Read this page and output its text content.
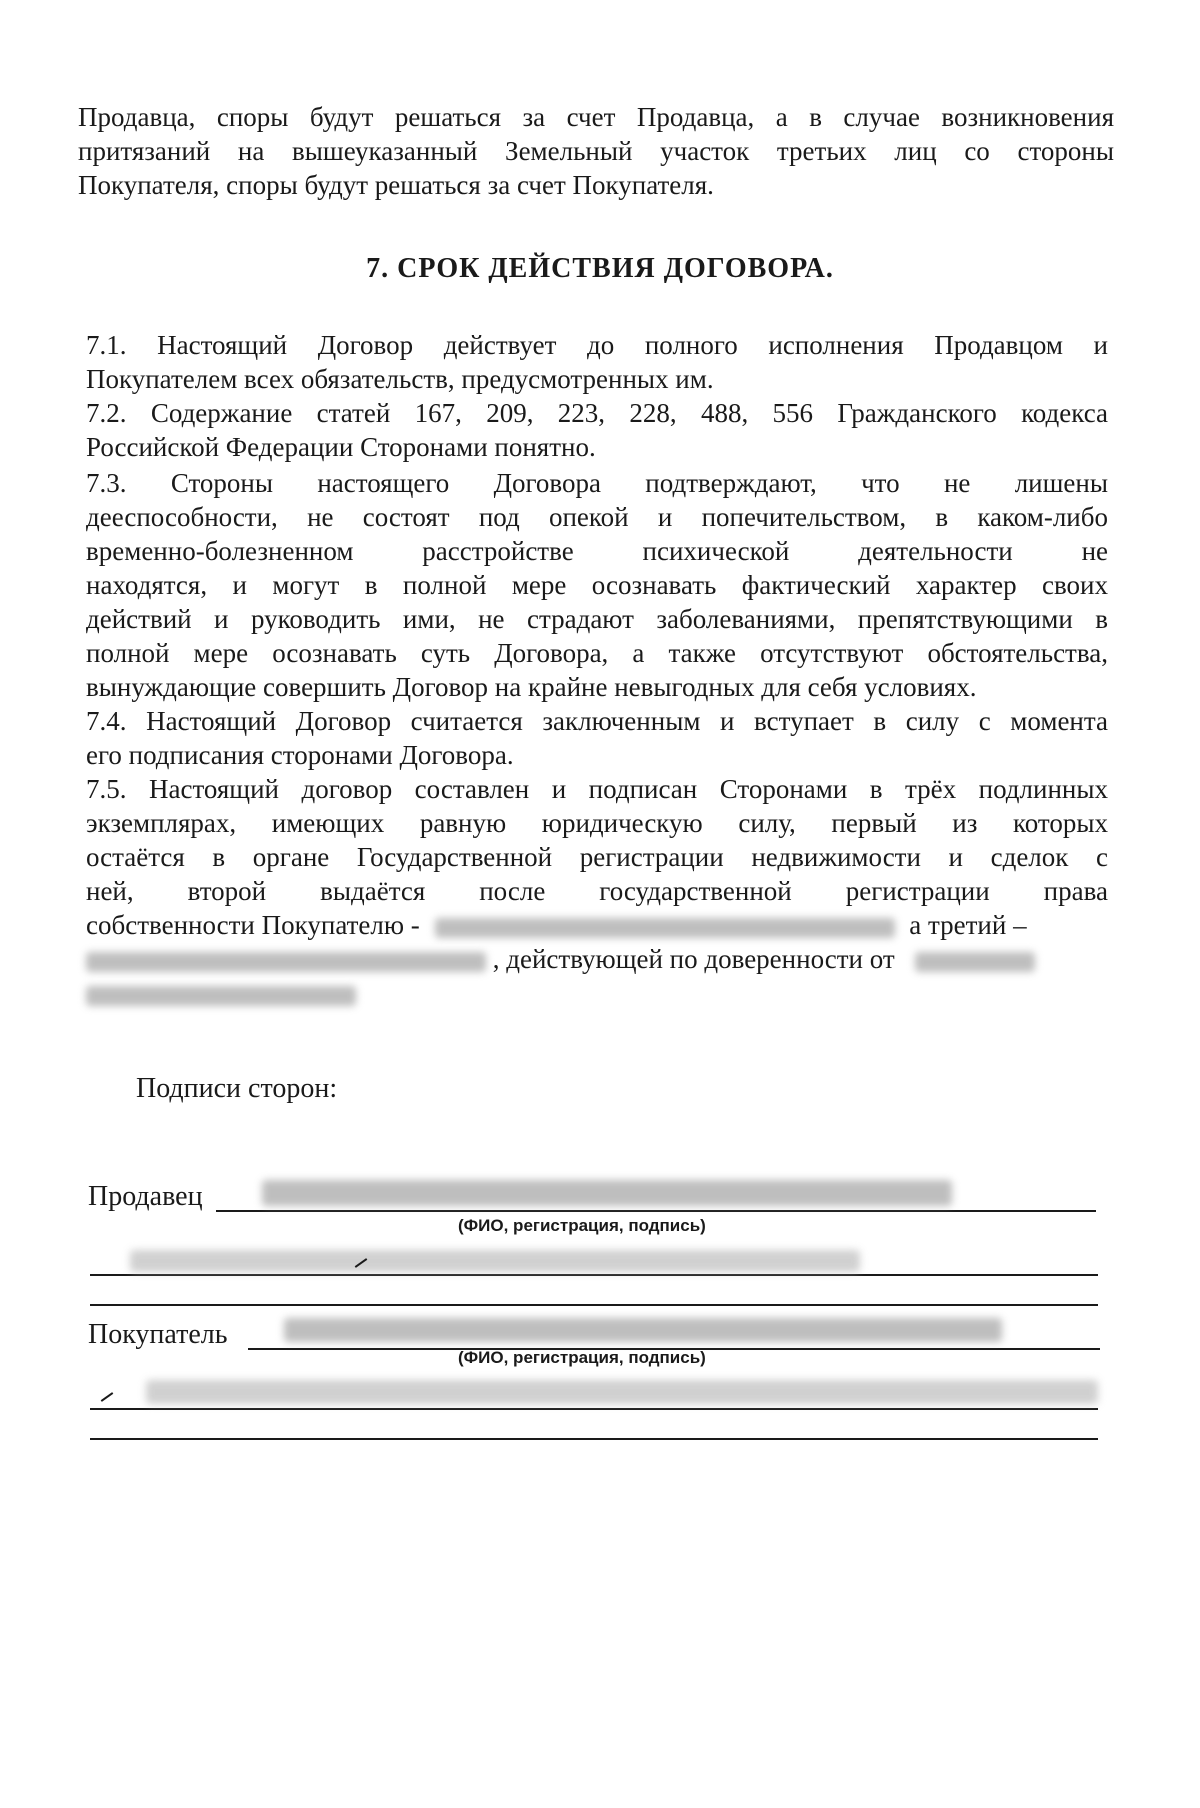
Продавца, споры будут решаться за счет Продавца, а в случае возникновения
притязаний на вышеуказанный Земельный участок третьих лиц со стороны
Покупателя, споры будут решаться за счет Покупателя.
7. СРОК ДЕЙСТВИЯ ДОГОВОРА.
7.1. Настоящий Договор действует до полного исполнения Продавцом и
Покупателем всех обязательств, предусмотренных им.
7.2. Содержание статей 167, 209, 223, 228, 488, 556 Гражданского кодекса
Российской Федерации Сторонами понятно.
7.3. Стороны настоящего Договора подтверждают, что не лишены
дееспособности, не состоят под опекой и попечительством, в каком-либо
временно-болезненном расстройстве психической деятельности не
находятся, и могут в полной мере осознавать фактический характер своих
действий и руководить ими, не страдают заболеваниями, препятствующими в
полной мере осознавать суть Договора, а также отсутствуют обстоятельства,
вынуждающие совершить Договор на крайне невыгодных для себя условиях.
7.4. Настоящий Договор считается заключенным и вступает в силу с момента
его подписания сторонами Договора.
7.5. Настоящий договор составлен и подписан Сторонами в трёх подлинных
экземплярах, имеющих равную юридическую силу, первый из которых
остаётся в органе Государственной регистрации недвижимости и сделок с
ней, второй выдаётся после государственной регистрации права
собственности Покупателю -	а третий –
, действующей по доверенности от
Подписи сторон:
Продавец
(ФИО, регистрация, подпись)
Покупатель
(ФИО, регистрация, подпись)
